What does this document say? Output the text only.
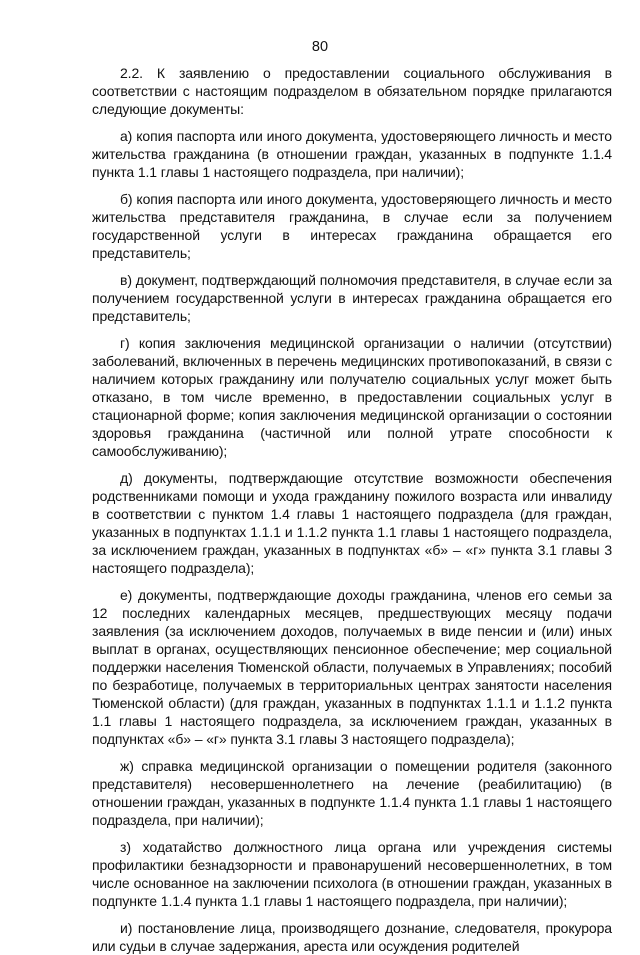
80

2.2. К заявлению о предоставлении социального обслуживания в соответствии с настоящим подразделом в обязательном порядке прилагаются следующие документы:

а) копия паспорта или иного документа, удостоверяющего личность и место жительства гражданина (в отношении граждан, указанных в подпункте 1.1.4 пункта 1.1 главы 1 настоящего подраздела, при наличии);

б) копия паспорта или иного документа, удостоверяющего личность и место жительства представителя гражданина, в случае если за получением государственной услуги в интересах гражданина обращается его представитель;

в) документ, подтверждающий полномочия представителя, в случае если за получением государственной услуги в интересах гражданина обращается его представитель;

г) копия заключения медицинской организации о наличии (отсутствии) заболеваний, включенных в перечень медицинских противопоказаний, в связи с наличием которых гражданину или получателю социальных услуг может быть отказано, в том числе временно, в предоставлении социальных услуг в стационарной форме; копия заключения медицинской организации о состоянии здоровья гражданина (частичной или полной утрате способности к самообслуживанию);

д) документы, подтверждающие отсутствие возможности обеспечения родственниками помощи и ухода гражданину пожилого возраста или инвалиду в соответствии с пунктом 1.4 главы 1 настоящего подраздела (для граждан, указанных в подпунктах 1.1.1 и 1.1.2 пункта 1.1 главы 1 настоящего подраздела, за исключением граждан, указанных в подпунктах «б» – «г» пункта 3.1 главы 3 настоящего подраздела);

е) документы, подтверждающие доходы гражданина, членов его семьи за 12 последних календарных месяцев, предшествующих месяцу подачи заявления (за исключением доходов, получаемых в виде пенсии и (или) иных выплат в органах, осуществляющих пенсионное обеспечение; мер социальной поддержки населения Тюменской области, получаемых в Управлениях; пособий по безработице, получаемых в территориальных центрах занятости населения Тюменской области) (для граждан, указанных в подпунктах 1.1.1 и 1.1.2 пункта 1.1 главы 1 настоящего подраздела, за исключением граждан, указанных в подпунктах «б» – «г» пункта 3.1 главы 3 настоящего подраздела);

ж) справка медицинской организации о помещении родителя (законного представителя) несовершеннолетнего на лечение (реабилитацию) (в отношении граждан, указанных в подпункте 1.1.4 пункта 1.1 главы 1 настоящего подраздела, при наличии);

з) ходатайство должностного лица органа или учреждения системы профилактики безнадзорности и правонарушений несовершеннолетних, в том числе основанное на заключении психолога (в отношении граждан, указанных в подпункте 1.1.4 пункта 1.1 главы 1 настоящего подраздела, при наличии);

и) постановление лица, производящего дознание, следователя, прокурора или судьи в случае задержания, ареста или осуждения родителей
